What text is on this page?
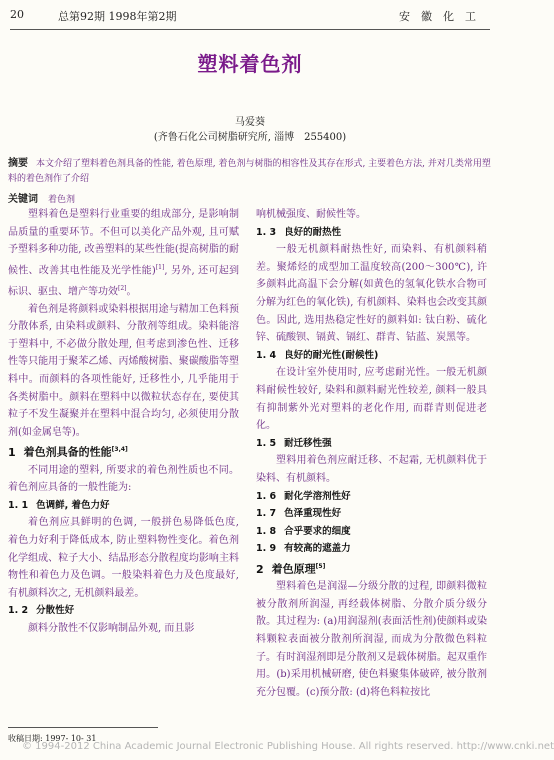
20	总第92期 1998年第2期	安　徽　化　工
塑料着色剂
马爱葵
(齐鲁石化公司树脂研究所, 淄博　255400)

摘要 本文介绍了塑料着色剂具备的性能, 着色原理, 着色剂与树脂的相容性及其存在形式, 主要着色方法, 并对几类常用塑料的着色剂作了介绍

关键词 着色剂

塑料着色是塑料行业重要的组成部分, 是影响制品质量的重要环节。不但可以美化产品外观, 且可赋予塑料多种功能, 改善塑料的某些性能(提高树脂的耐候性、改善其电性能及光学性能)[1], 另外, 还可起到标识、驱虫、增产等功效[2]。

着色剂是将颜料或染料根据用途与精加工色料预分散体系, 由染料或颜料、分散剂等组成。染料能溶于塑料中, 不必做分散处理, 但考虑到渗色性、迁移性等只能用于聚苯乙烯、丙烯酸树脂、聚碳酸脂等塑料中。而颜料的各项性能好, 迁移性小, 几乎能用于各类树脂中。颜料在塑料中以微粒状态存在, 要使其粒子不发生凝聚并在塑料中混合均匀, 必须使用分散剂(如金属皂等)。

1 着色剂具备的性能[3,4]

不同用途的塑料, 所要求的着色剂性质也不同。着色剂应具备的一般性能为:

1. 1 色调鲜, 着色力好

着色剂应具鲜明的色调, 一般拼色易降低色度, 着色力好利于降低成本, 防止塑料物性变化。着色剂化学组成、粒子大小、结晶形态分散程度均影响主料物性和着色力及色调。一般染料着色力及色度最好, 有机颜料次之, 无机颜料最差。

1. 2 分散性好

颜料分散性不仅影响制品外观, 而且影

响机械强度、耐候性等。

1. 3 良好的耐热性

一般无机颜料耐热性好, 而染料、有机颜料稍差。聚烯烃的成型加工温度较高(200～300℃), 许多颜料此高温下会分解(如黄色的氢氧化铁水合物可分解为红色的氧化铁), 有机颜料、染料也会改变其颜色。因此, 选用热稳定性好的颜料如: 钛白粉、硫化锌、硫酸钡、镉黄、镉红、群青、钴蓝、炭黑等。

1. 4 良好的耐光性(耐候性)

在设计室外使用时, 应考虑耐光性。一般无机颜料耐候性较好, 染料和颜料耐光性较差, 颜料一般具有抑制紫外光对塑料的老化作用, 而群青则促进老化。

1. 5 耐迁移性强

塑料用着色剂应耐迁移、不起霜, 无机颜料优于染料、有机颜料。

1. 6 耐化学溶剂性好

1. 7 色泽重现性好

1. 8 合乎要求的细度

1. 9 有较高的遮盖力

2 着色原理[5]

塑料着色是润湿—分级分散的过程, 即颜料微粒被分散剂所润湿, 再经载体树脂、分散介质分级分散。其过程为: (a)用润湿剂(表面活性剂)使颜料或染料颗粒表面被分散剂所润湿, 而成为分散微色料粒子。有时润湿剂即是分散剂又是载体树脂。起双重作用。(b)采用机械研磨, 使色料聚集体破碎, 被分散剂充分包覆。(c)预分散: (d)将色料粒按比

收稿日期: 1997- 10- 31
© 1994-2012 China Academic Journal Electronic Publishing House. All rights reserved. http://www.cnki.net
